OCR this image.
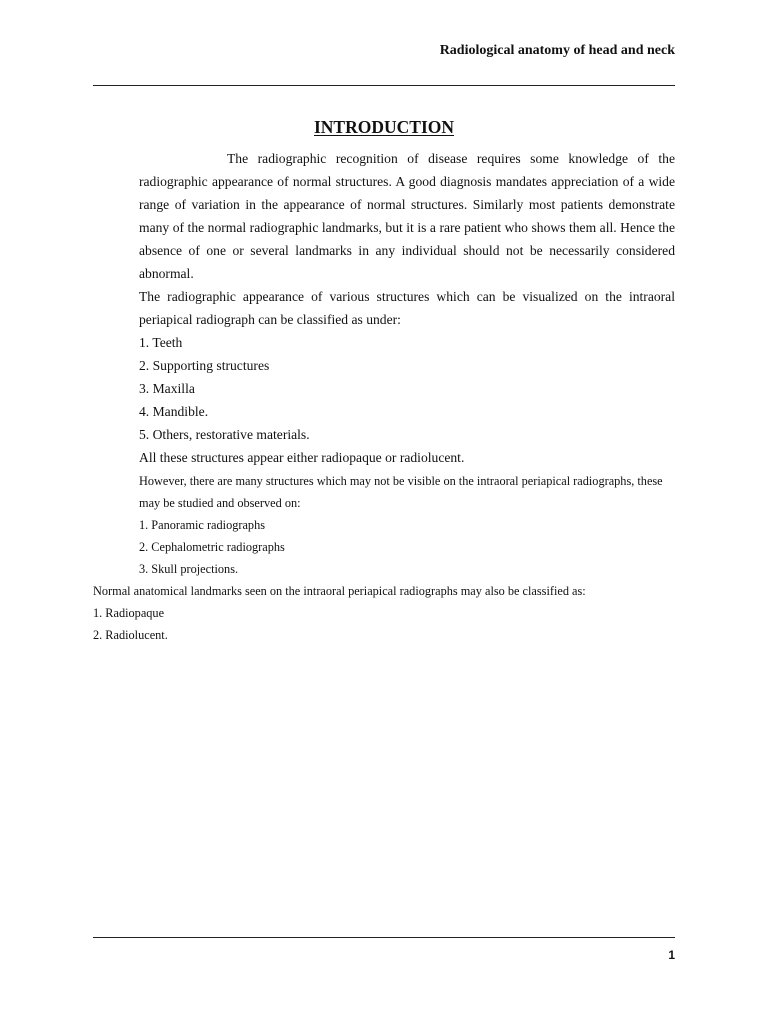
Radiological anatomy of head and neck
INTRODUCTION

The radiographic recognition of disease requires some knowledge of the radiographic appearance of normal structures. A good diagnosis mandates appreciation of a wide range of variation in the appearance of normal structures. Similarly most patients demonstrate many of the normal radiographic landmarks, but it is a rare patient who shows them all. Hence the absence of one or several landmarks in any individual should not be necessarily considered abnormal.

The radiographic appearance of various structures which can be visualized on the intraoral periapical radiograph can be classified as under:

1. Teeth
2. Supporting structures
3. Maxilla
4. Mandible.
5. Others, restorative materials.

All these structures appear either radiopaque or radiolucent.

However, there are many structures which may not be visible on the intraoral periapical radiographs, these may be studied and observed on:

1. Panoramic radiographs
2. Cephalometric radiographs
3. Skull projections.

Normal anatomical landmarks seen on the intraoral periapical radiographs may also be classified as:

1. Radiopaque
2. Radiolucent.
1
